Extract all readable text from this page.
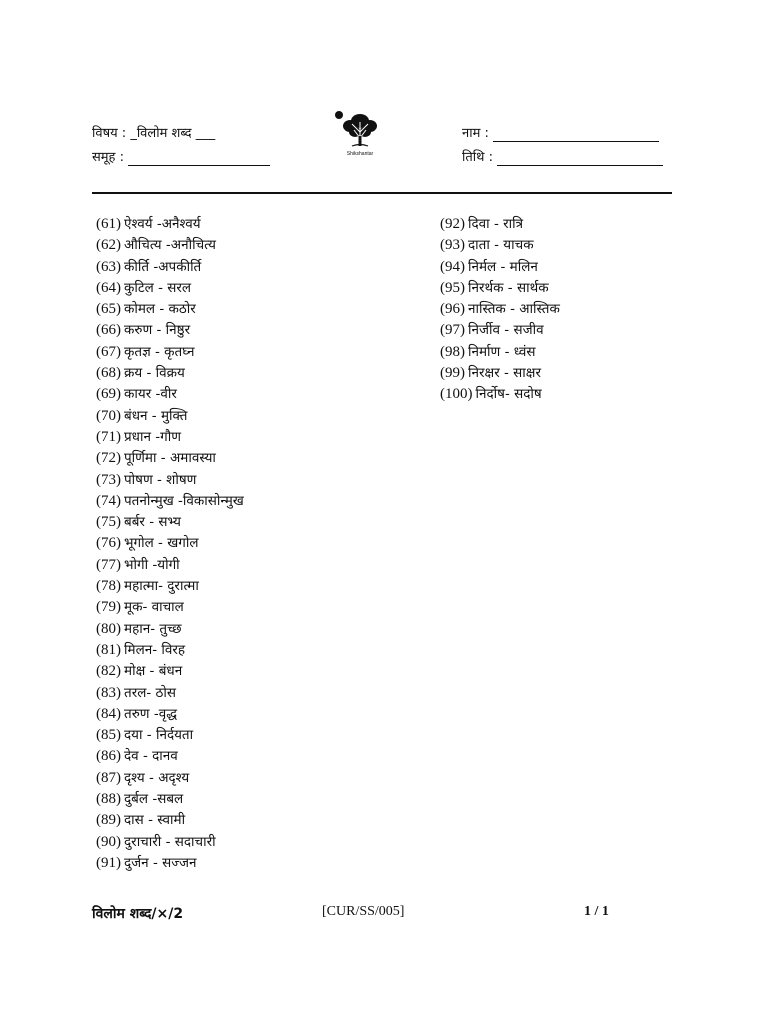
विषय : _विलोम शब्द ___
समूह :
नाम :
तिथि :
Shikshantar
(61) ऐश्वर्य -अनैश्वर्य
(62) औचित्य -अनौचित्य
(63) कीर्ति -अपकीर्ति
(64) कुटिल - सरल
(65) कोमल - कठोर
(66) करुण - निष्ठुर
(67) कृतज्ञ - कृतघ्न
(68) क्रय - विक्रय
(69) कायर -वीर
(70) बंधन - मुक्ति
(71) प्रधान -गौण
(72) पूर्णिमा - अमावस्या
(73) पोषण - शोषण
(74) पतनोन्मुख -विकासोन्मुख
(75) बर्बर - सभ्य
(76) भूगोल - खगोल
(77) भोगी -योगी
(78) महात्मा- दुरात्मा
(79) मूक- वाचाल
(80) महान- तुच्छ
(81) मिलन- विरह
(82) मोक्ष - बंधन
(83) तरल- ठोस
(84) तरुण -वृद्ध
(85) दया - निर्दयता
(86) देव - दानव
(87) दृश्य - अदृश्य
(88) दुर्बल -सबल
(89) दास - स्वामी
(90) दुराचारी - सदाचारी
(91) दुर्जन - सज्जन
(92) दिवा - रात्रि
(93) दाता - याचक
(94) निर्मल - मलिन
(95) निरर्थक - सार्थक
(96) नास्तिक - आस्तिक
(97) निर्जीव - सजीव
(98) निर्माण - ध्वंस
(99) निरक्षर - साक्षर
(100) निर्दोष- सदोष
विलोम शब्द/×/2	[CUR/SS/005]	1 / 1
